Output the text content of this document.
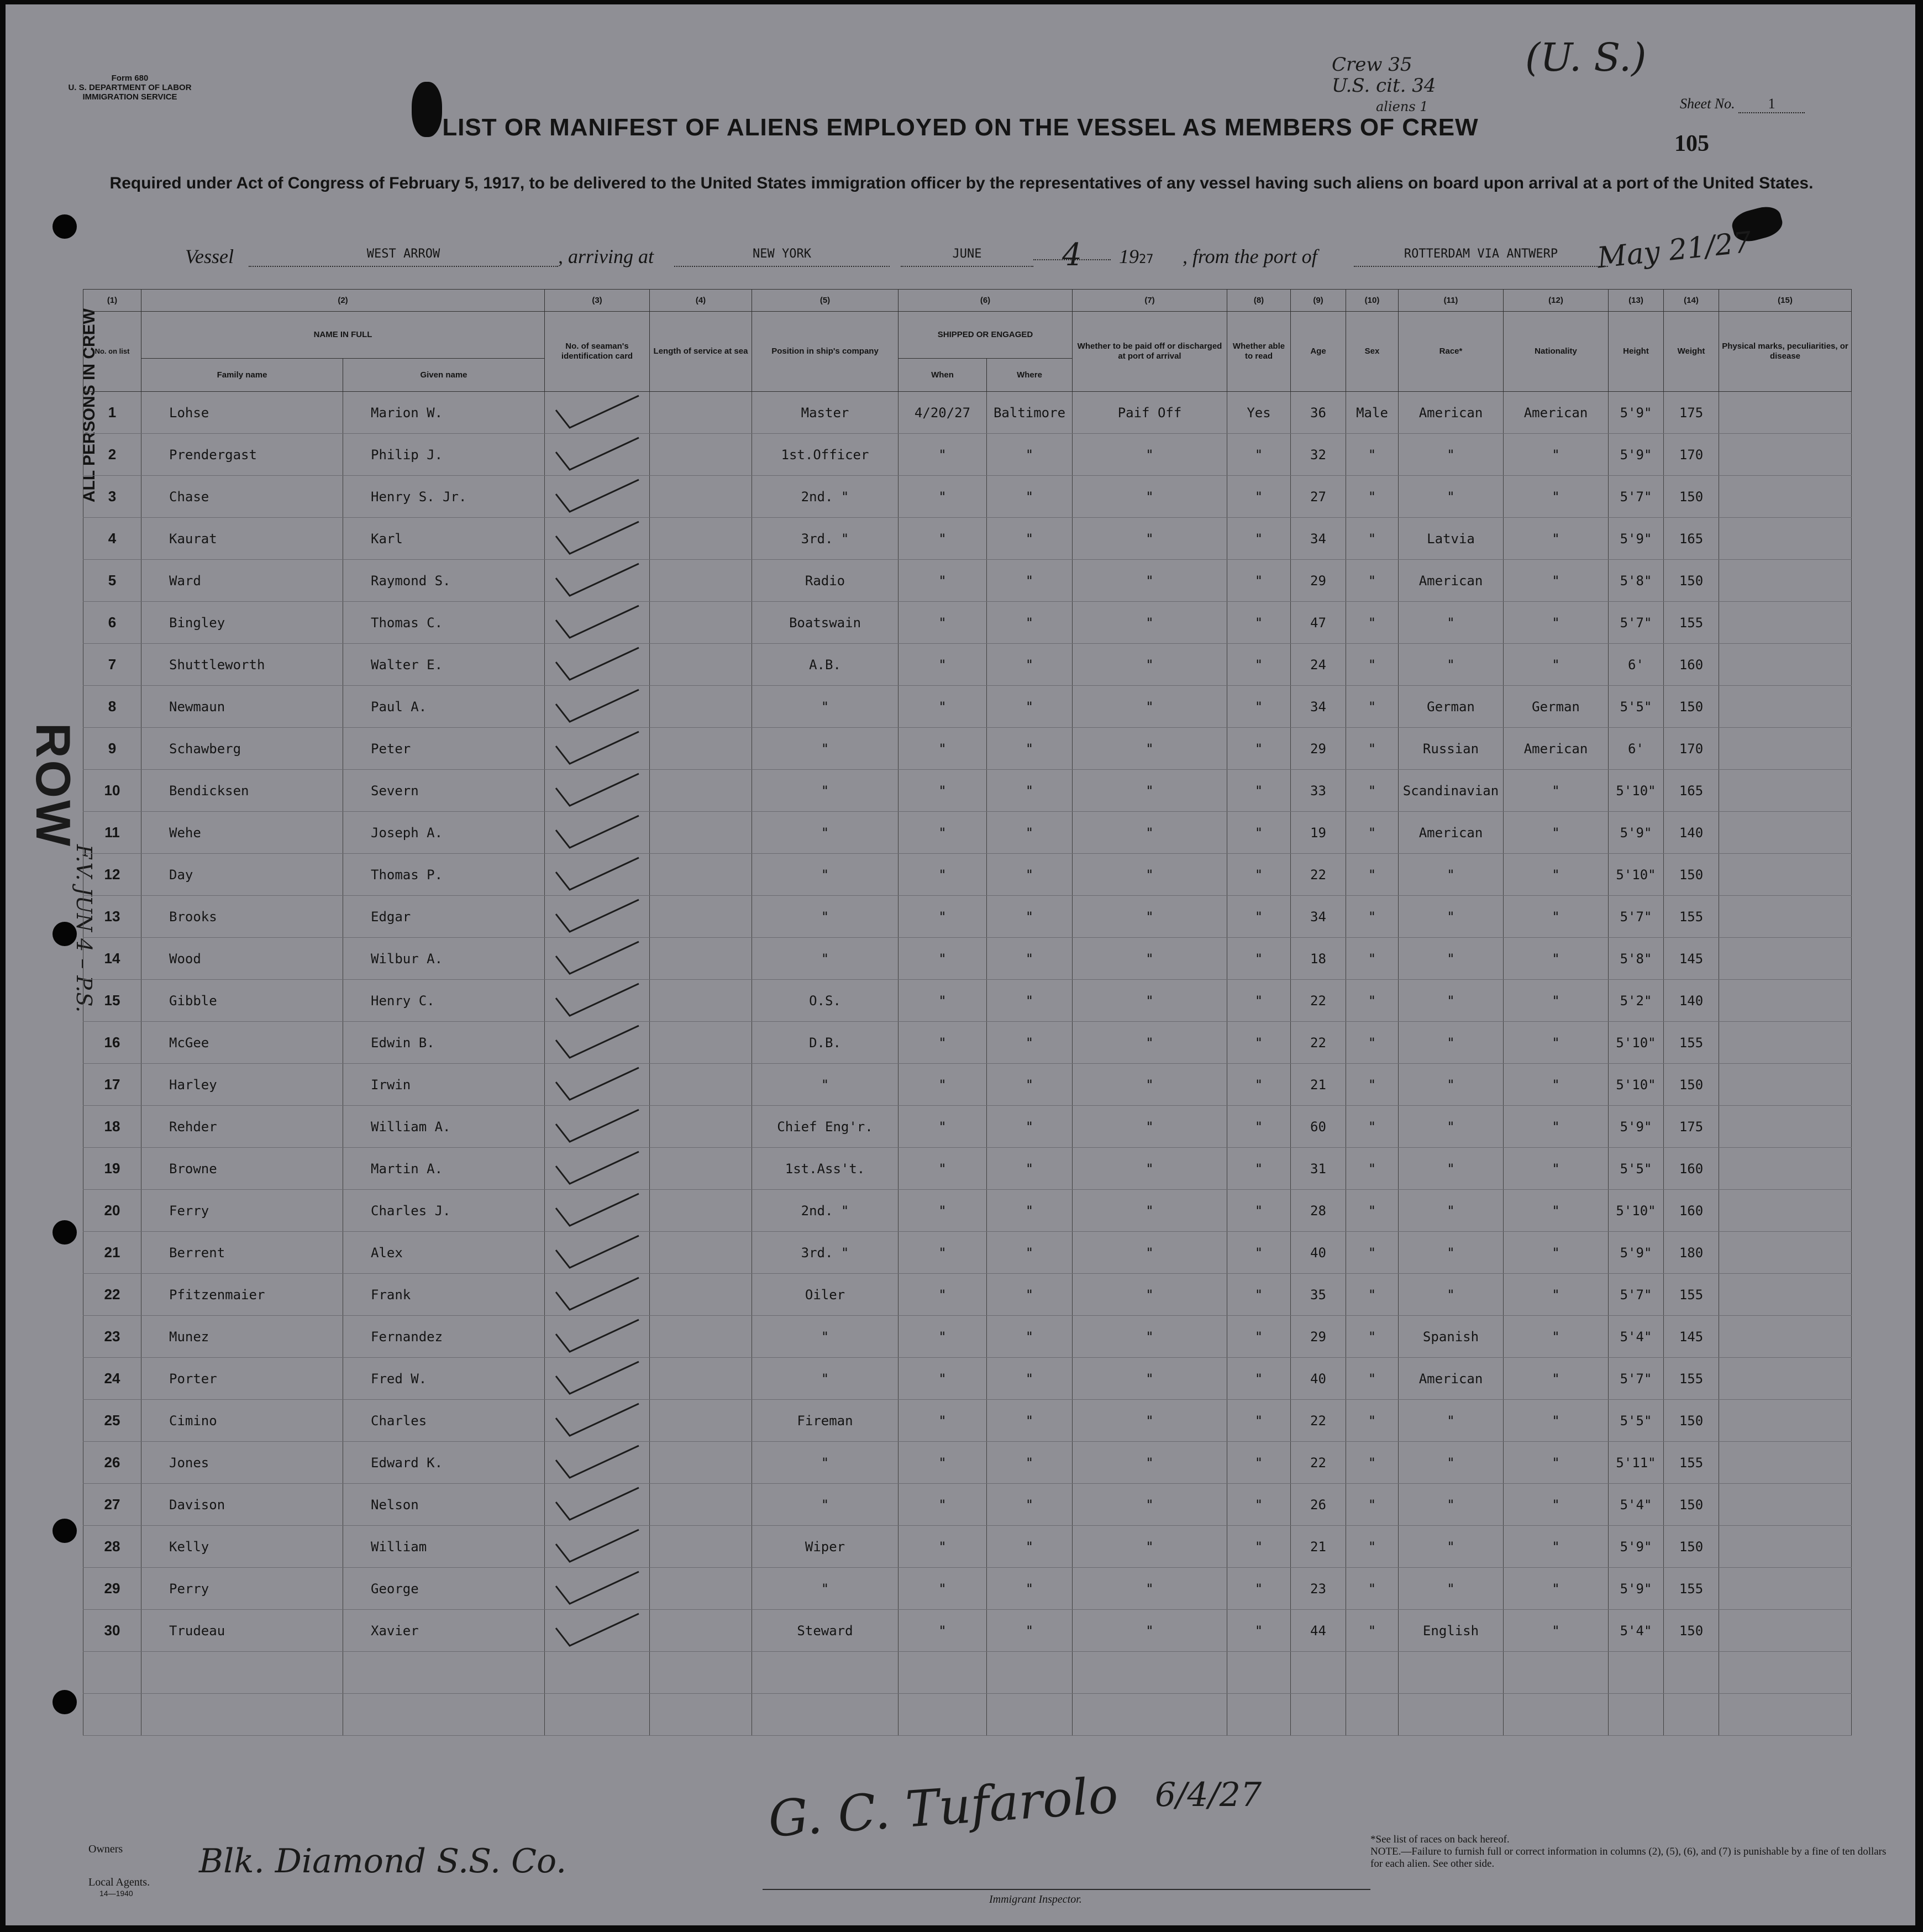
Form 680
U. S. DEPARTMENT OF LABOR
IMMIGRATION SERVICE
Crew 35
U.S. cit. 34
aliens 1
(U. S.)
Sheet No. 1
105
LIST OR MANIFEST OF ALIENS EMPLOYED ON THE VESSEL AS MEMBERS OF CREW
Required under Act of Congress of February 5, 1917, to be delivered to the United States immigration officer by the representatives of any vessel having such aliens on board upon arrival at a port of the United States.
Vessel	WEST ARROW	, arriving at	NEW YORK	JUNE	4	1927 , from the port of	ROTTERDAM VIA ANTWERP	May 21/27
ALL PERSONS IN CREW
ROW
F.V. JUN 4 – P.S.
(1)	(2)		(3)	(4)	(5)	(6)		(7)	(8)	(9)	(10)	(11)	(12)	(13)	(14)	(15)
No. on list	NAME IN FULL		No. of seaman's identification card	Length of service at sea	Position in ship's company	SHIPPED OR ENGAGED		Whether to be paid off or discharged at port of arrival	Whether able to read	Age	Sex	Race*	Nationality	Height	Weight	Physical marks, peculiarities, or disease
	Family name	Given name				When	Where									
1	Lohse	Marion W.			Master	4/20/27	Baltimore	Paif Off	Yes	36	Male	American	American	5'9"	175	
2	Prendergast	Philip J.			1st.Officer	"	"	"	"	32	"	"	"	5'9"	170	
3	Chase	Henry S. Jr.			2nd. "	"	"	"	"	27	"	"	"	5'7"	150	
4	Kaurat	Karl			3rd. "	"	"	"	"	34	"	Latvia	"	5'9"	165	
5	Ward	Raymond S.			Radio	"	"	"	"	29	"	American	"	5'8"	150	
6	Bingley	Thomas C.			Boatswain	"	"	"	"	47	"	"	"	5'7"	155	
7	Shuttleworth	Walter E.			A.B.	"	"	"	"	24	"	"	"	6'	160	
8	Newmaun	Paul A.			"	"	"	"	"	34	"	German	German	5'5"	150	
9	Schawberg	Peter			"	"	"	"	"	29	"	Russian	American	6'	170	
10	Bendicksen	Severn			"	"	"	"	"	33	"	Scandinavian	"	5'10"	165	
11	Wehe	Joseph A.			"	"	"	"	"	19	"	American	"	5'9"	140	
12	Day	Thomas P.			"	"	"	"	"	22	"	"	"	5'10"	150	
13	Brooks	Edgar			"	"	"	"	"	34	"	"	"	5'7"	155	
14	Wood	Wilbur A.			"	"	"	"	"	18	"	"	"	5'8"	145	
15	Gibble	Henry C.			O.S.	"	"	"	"	22	"	"	"	5'2"	140	
16	McGee	Edwin B.			D.B.	"	"	"	"	22	"	"	"	5'10"	155	
17	Harley	Irwin			"	"	"	"	"	21	"	"	"	5'10"	150	
18	Rehder	William A.			Chief Eng'r.	"	"	"	"	60	"	"	"	5'9"	175	
19	Browne	Martin A.			1st.Ass't.	"	"	"	"	31	"	"	"	5'5"	160	
20	Ferry	Charles J.			2nd. "	"	"	"	"	28	"	"	"	5'10"	160	
21	Berrent	Alex			3rd. "	"	"	"	"	40	"	"	"	5'9"	180	
22	Pfitzenmaier	Frank			Oiler	"	"	"	"	35	"	"	"	5'7"	155	
23	Munez	Fernandez			"	"	"	"	"	29	"	Spanish	"	5'4"	145	
24	Porter	Fred W.			"	"	"	"	"	40	"	American	"	5'7"	155	
25	Cimino	Charles			Fireman	"	"	"	"	22	"	"	"	5'5"	150	
26	Jones	Edward K.			"	"	"	"	"	22	"	"	"	5'11"	155	
27	Davison	Nelson			"	"	"	"	"	26	"	"	"	5'4"	150	
28	Kelly	William			Wiper	"	"	"	"	21	"	"	"	5'9"	150	
29	Perry	George			"	"	"	"	"	23	"	"	"	5'9"	155	
30	Trudeau	Xavier			Steward	"	"	"	"	44	"	English	"	5'4"	150	

Owners
Local Agents.
14—1940
Blk. Diamond S.S. Co.
G. C. Tufarolo 6/4/27
Immigrant Inspector.
*See list of races on back hereof.
NOTE.—Failure to furnish full or correct information in columns (2), (5), (6), and (7) is punishable by a fine of ten dollars for each alien. See other side.
